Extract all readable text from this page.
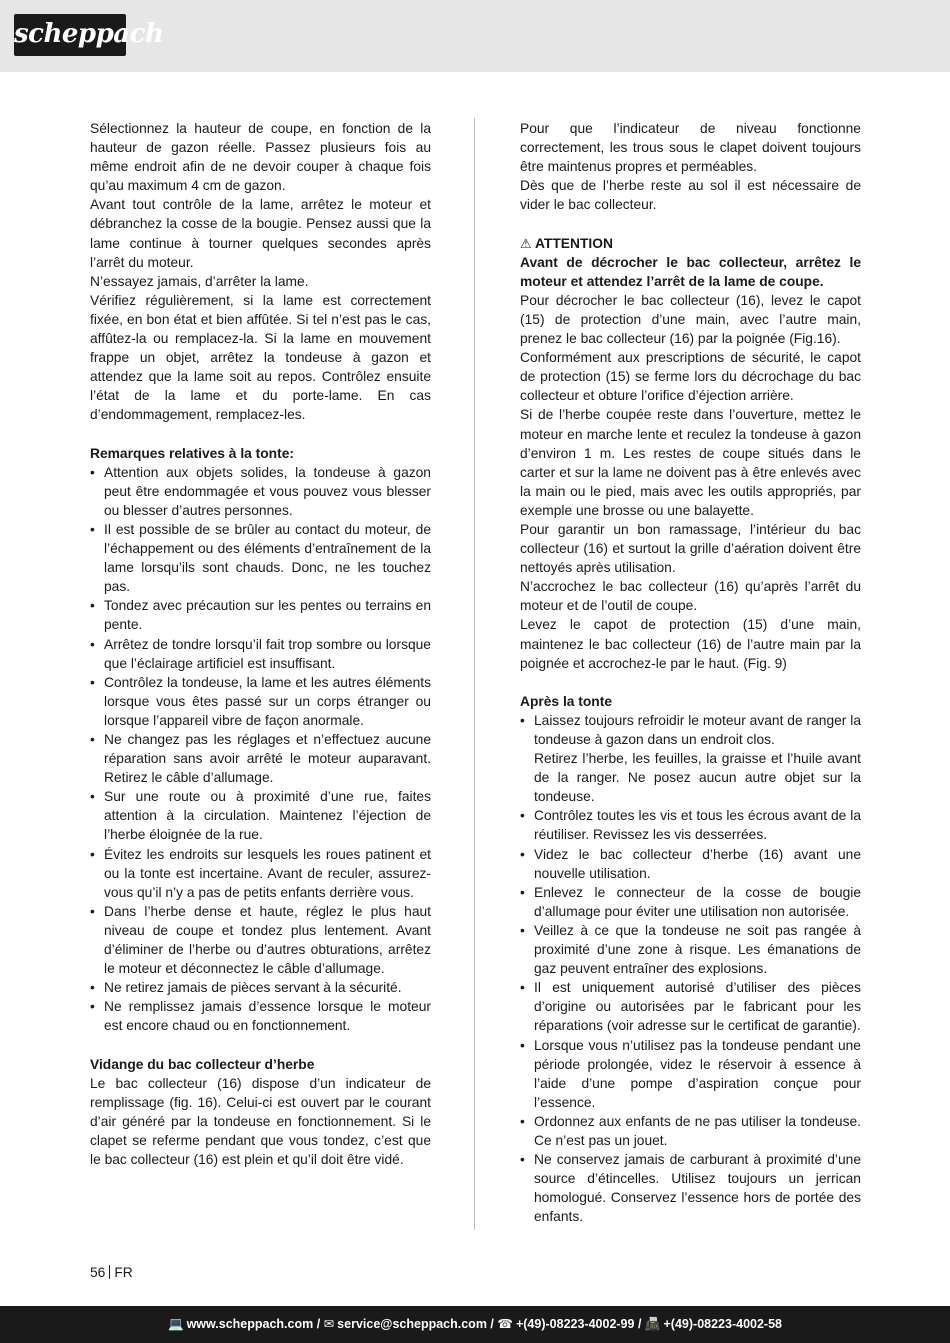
scheppach

Sélectionnez la hauteur de coupe, en fonction de la hauteur de gazon réelle. Passez plusieurs fois au même endroit afin de ne devoir couper à chaque fois qu’au maximum 4 cm de gazon.

Avant tout contrôle de la lame, arrêtez le moteur et débranchez la cosse de la bougie. Pensez aussi que la lame continue à tourner quelques secondes après l’arrêt du moteur.

N’essayez jamais, d’arrêter la lame.

Vérifiez régulièrement, si la lame est correctement fixée, en bon état et bien affûtée. Si tel n’est pas le cas, affûtez-la ou remplacez-la. Si la lame en mouvement frappe un objet, arrêtez la tondeuse à gazon et attendez que la lame soit au repos. Contrôlez ensuite l’état de la lame et du porte-lame. En cas d’endommagement, remplacez-les.

Remarques relatives à la tonte:
• Attention aux objets solides, la tondeuse à gazon peut être endommagée et vous pouvez vous blesser ou blesser d’autres personnes.
• Il est possible de se brûler au contact du moteur, de l’échappement ou des éléments d’entraînement de la lame lorsqu’ils sont chauds. Donc, ne les touchez pas.
• Tondez avec précaution sur les pentes ou terrains en pente.
• Arrêtez de tondre lorsqu’il fait trop sombre ou lorsque que l’éclairage artificiel est insuffisant.
• Contrôlez la tondeuse, la lame et les autres éléments lorsque vous êtes passé sur un corps étranger ou lorsque l’appareil vibre de façon anormale.
• Ne changez pas les réglages et n’effectuez aucune réparation sans avoir arrêté le moteur auparavant. Retirez le câble d’allumage.
• Sur une route ou à proximité d’une rue, faites attention à la circulation. Maintenez l’éjection de l’herbe éloignée de la rue.
• Évitez les endroits sur lesquels les roues patinent et ou la tonte est incertaine. Avant de reculer, assurez-vous qu’il n’y a pas de petits enfants derrière vous.
• Dans l’herbe dense et haute, réglez le plus haut niveau de coupe et tondez plus lentement. Avant d’éliminer de l’herbe ou d’autres obturations, arrêtez le moteur et déconnectez le câble d’allumage.
• Ne retirez jamais de pièces servant à la sécurité.
• Ne remplissez jamais d’essence lorsque le moteur est encore chaud ou en fonctionnement.
Vidange du bac collecteur d’herbe

Le bac collecteur (16) dispose d’un indicateur de remplissage (fig. 16). Celui-ci est ouvert par le courant d’air généré par la tondeuse en fonctionnement. Si le clapet se referme pendant que vous tondez, c’est que le bac collecteur (16) est plein et qu’il doit être vidé.

Pour que l’indicateur de niveau fonctionne correctement, les trous sous le clapet doivent toujours être maintenus propres et perméables.

Dès que de l’herbe reste au sol il est nécessaire de vider le bac collecteur.

⚠ ATTENTION

Avant de décrocher le bac collecteur, arrêtez le moteur et attendez l’arrêt de la lame de coupe.

Pour décrocher le bac collecteur (16), levez le capot (15) de protection d’une main, avec l’autre main, prenez le bac collecteur (16) par la poignée (Fig.16).

Conformément aux prescriptions de sécurité, le capot de protection (15) se ferme lors du décrochage du bac collecteur et obture l’orifice d’éjection arrière.

Si de l’herbe coupée reste dans l’ouverture, mettez le moteur en marche lente et reculez la tondeuse à gazon d’environ 1 m. Les restes de coupe situés dans le carter et sur la lame ne doivent pas à être enlevés avec la main ou le pied, mais avec les outils appropriés, par exemple une brosse ou une balayette.

Pour garantir un bon ramassage, l’intérieur du bac collecteur (16) et surtout la grille d’aération doivent être nettoyés après utilisation.

N’accrochez le bac collecteur (16) qu’après l’arrêt du moteur et de l’outil de coupe.

Levez le capot de protection (15) d’une main, maintenez le bac collecteur (16) de l’autre main par la poignée et accrochez-le par le haut. (Fig. 9)

Après la tonte
• Laissez toujours refroidir le moteur avant de ranger la tondeuse à gazon dans un endroit clos.
Retirez l’herbe, les feuilles, la graisse et l’huile avant de la ranger. Ne posez aucun autre objet sur la tondeuse.
• Contrôlez toutes les vis et tous les écrous avant de la réutiliser. Revissez les vis desserrées.
• Videz le bac collecteur d’herbe (16) avant une nouvelle utilisation.
• Enlevez le connecteur de la cosse de bougie d’allumage pour éviter une utilisation non autorisée.
• Veillez à ce que la tondeuse ne soit pas rangée à proximité d’une zone à risque. Les émanations de gaz peuvent entraîner des explosions.
• Il est uniquement autorisé d’utiliser des pièces d’origine ou autorisées par le fabricant pour les réparations (voir adresse sur le certificat de garantie).
• Lorsque vous n’utilisez pas la tondeuse pendant une période prolongée, videz le réservoir à essence à l’aide d’une pompe d’aspiration conçue pour l’essence.
• Ordonnez aux enfants de ne pas utiliser la tondeuse. Ce n’est pas un jouet.
• Ne conservez jamais de carburant à proximité d’une source d’étincelles. Utilisez toujours un jerrican homologué. Conservez l’essence hors de portée des enfants.
56 FR
💻 www.scheppach.com / ✉ service@scheppach.com / ☎ +(49)-08223-4002-99 / 📠 +(49)-08223-4002-58
